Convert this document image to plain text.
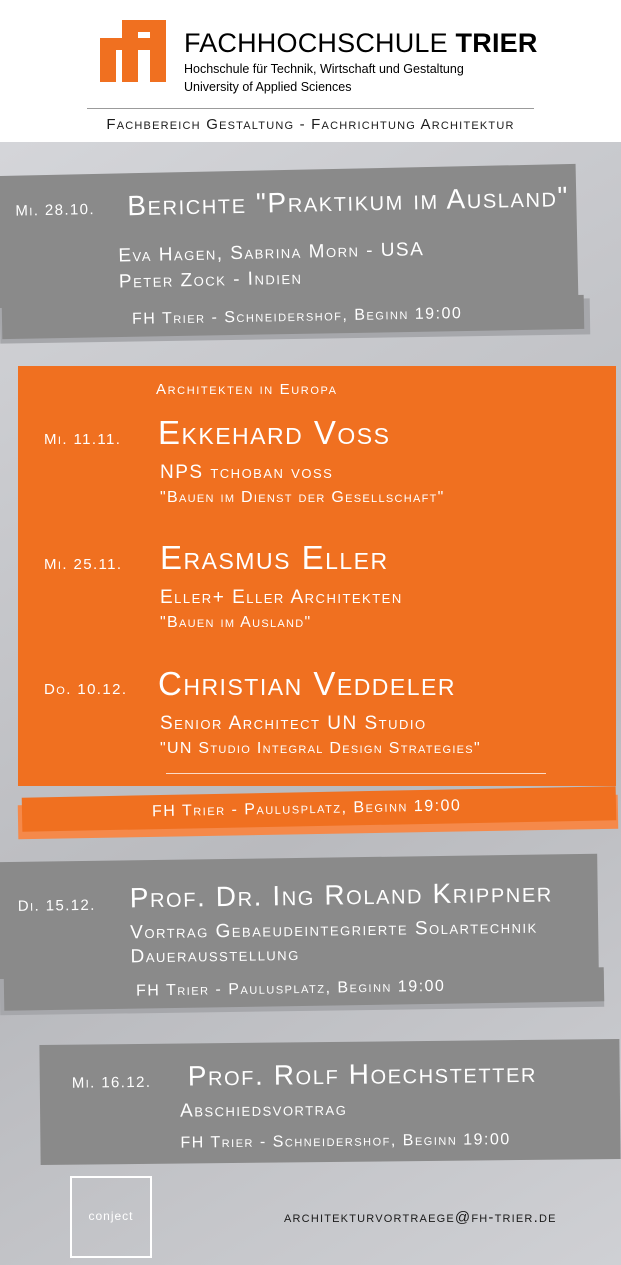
FACHHOCHSCHULE TRIER
Hochschule für Technik, Wirtschaft und Gestaltung
University of Applied Sciences
Fachbereich Gestaltung - Fachrichtung Architektur
Mi. 28.10. Berichte "Praktikum im Ausland"
Eva Hagen, Sabrina Morn - USA
Peter Zock - Indien
FH Trier - Schneidershof, Beginn 19:00
Architekten in Europa
Mi. 11.11. Ekkehard Voss
NPS tchoban voss
"Bauen im Dienst der Gesellschaft"
Mi. 25.11. Erasmus Eller
Eller+ Eller Architekten
"Bauen im Ausland"
Do. 10.12. Christian Veddeler
Senior Architect UN Studio
"UN Studio Integral Design Strategies"
FH Trier - Paulusplatz, Beginn 19:00
Di. 15.12. Prof. Dr. Ing Roland Krippner
Vortrag Gebaeudeintegrierte Solartechnik
Dauerausstellung
FH Trier - Paulusplatz, Beginn 19:00
Mi. 16.12. Prof. Rolf Hoechstetter
Abschiedsvortrag
FH Trier - Schneidershof, Beginn 19:00
conject	architekturvortraege@fh-trier.de
